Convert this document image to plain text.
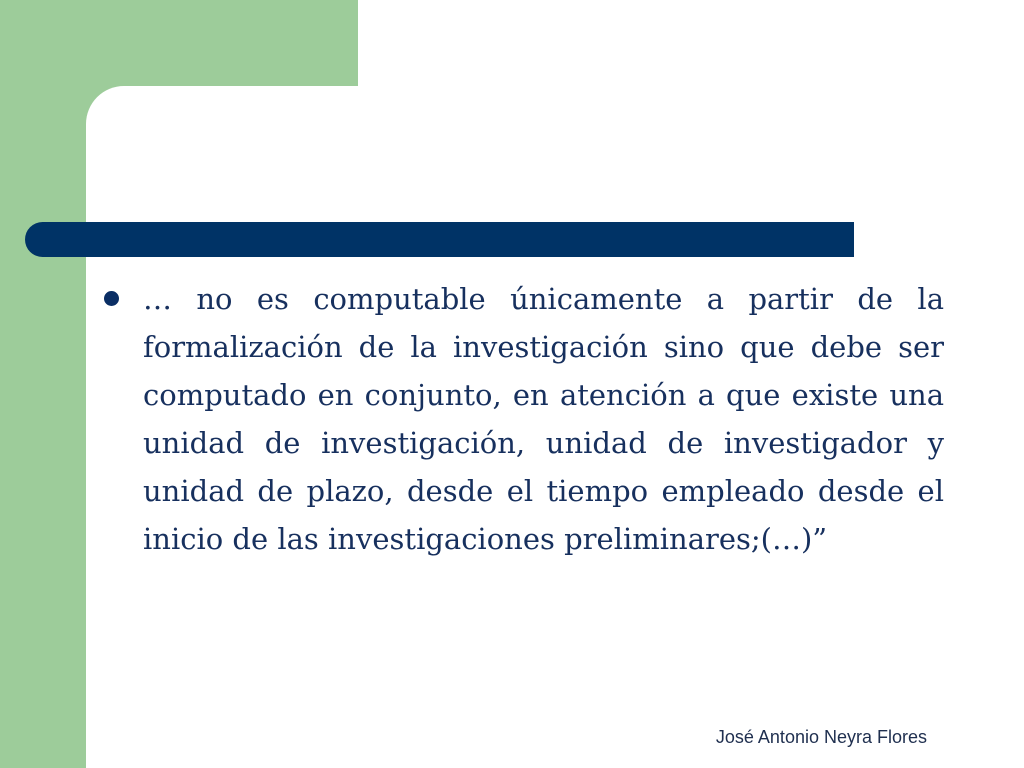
… no es computable únicamente a partir de la formalización de la investigación sino que debe ser computado en conjunto, en atención a que existe una unidad de investigación, unidad de investigador y unidad de plazo, desde el tiempo empleado desde el inicio de las investigaciones preliminares;(…)”

José Antonio Neyra Flores
